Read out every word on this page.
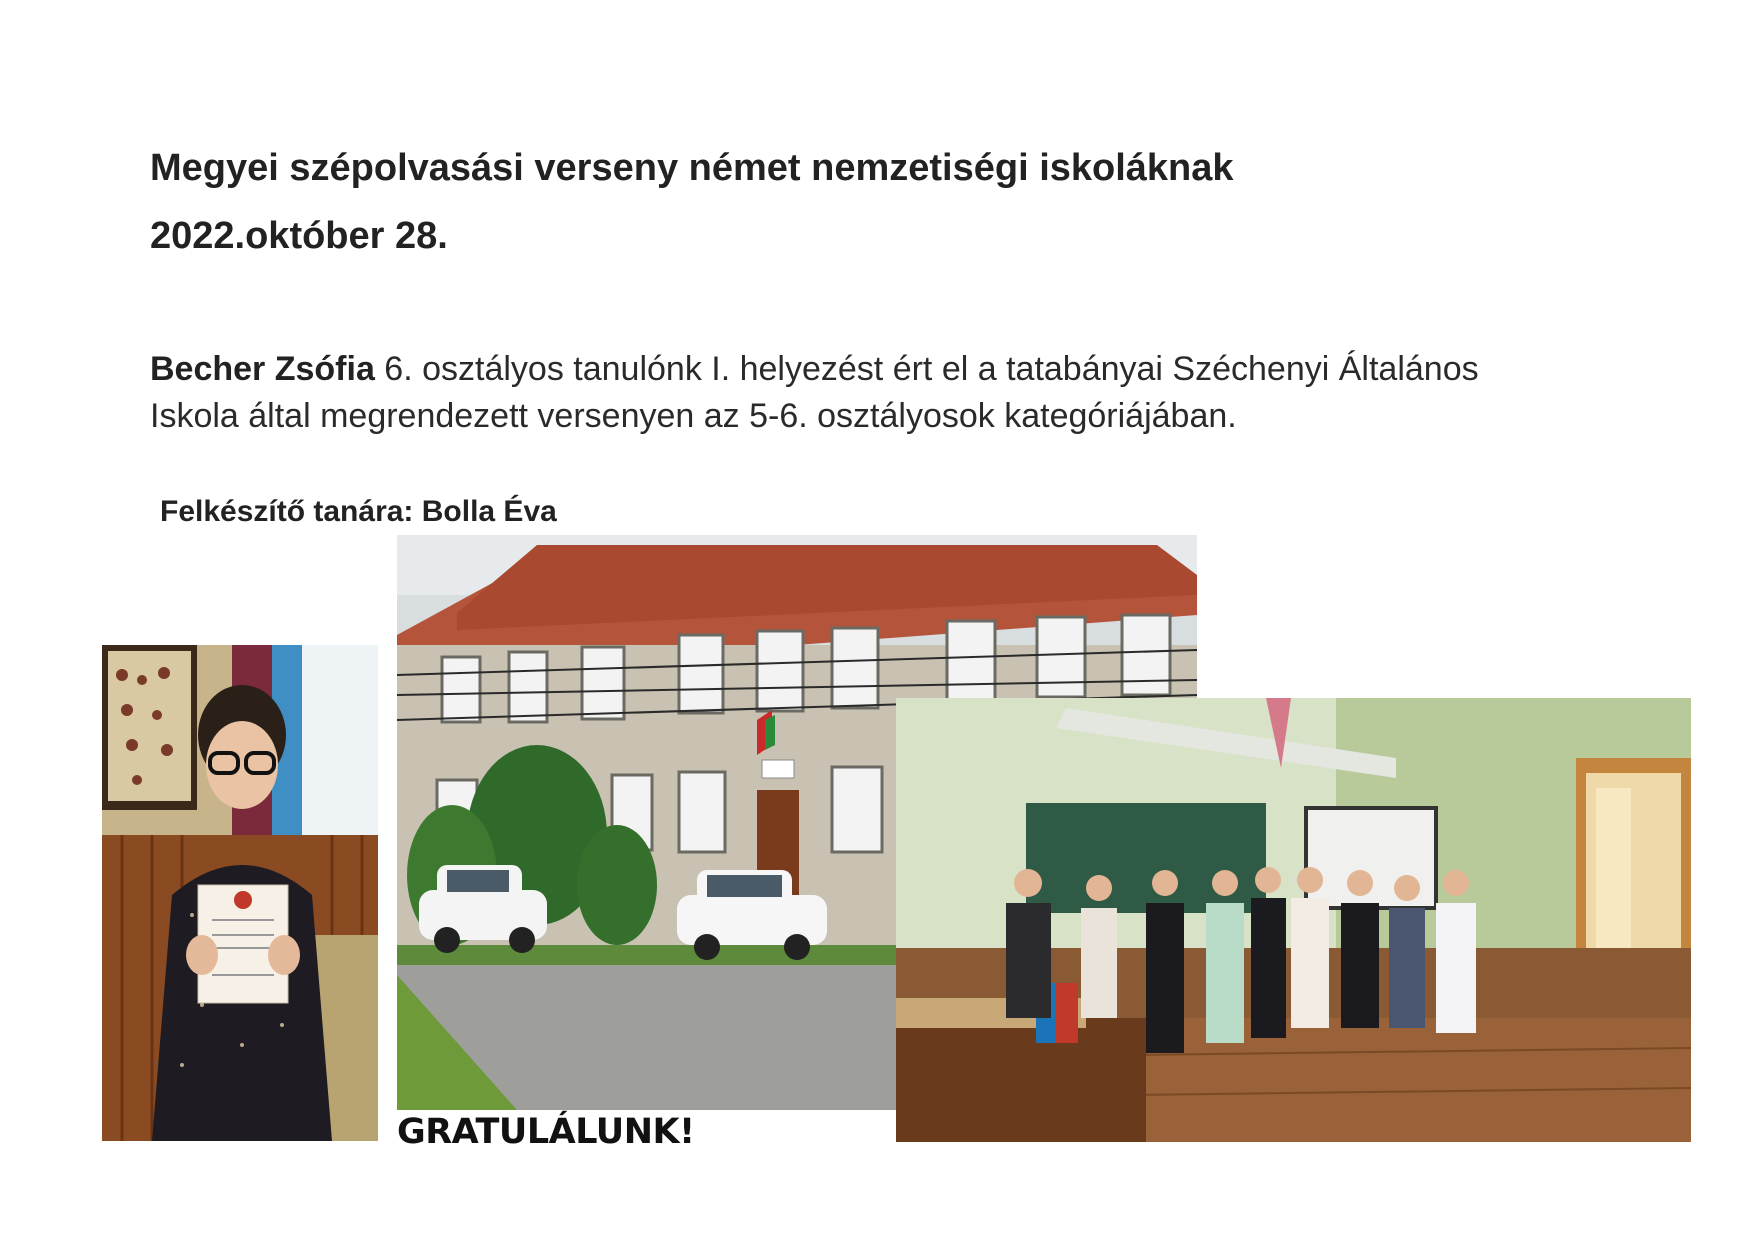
Megyei szépolvasási verseny német nemzetiségi iskoláknak
2022.október 28.
Becher Zsófia 6. osztályos tanulónk I. helyezést ért el a tatabányai Széchenyi Általános
Iskola által megrendezett versenyen az 5-6. osztályosok kategóriájában.
Felkészítő tanára: Bolla Éva
GRATULÁLUNK!
